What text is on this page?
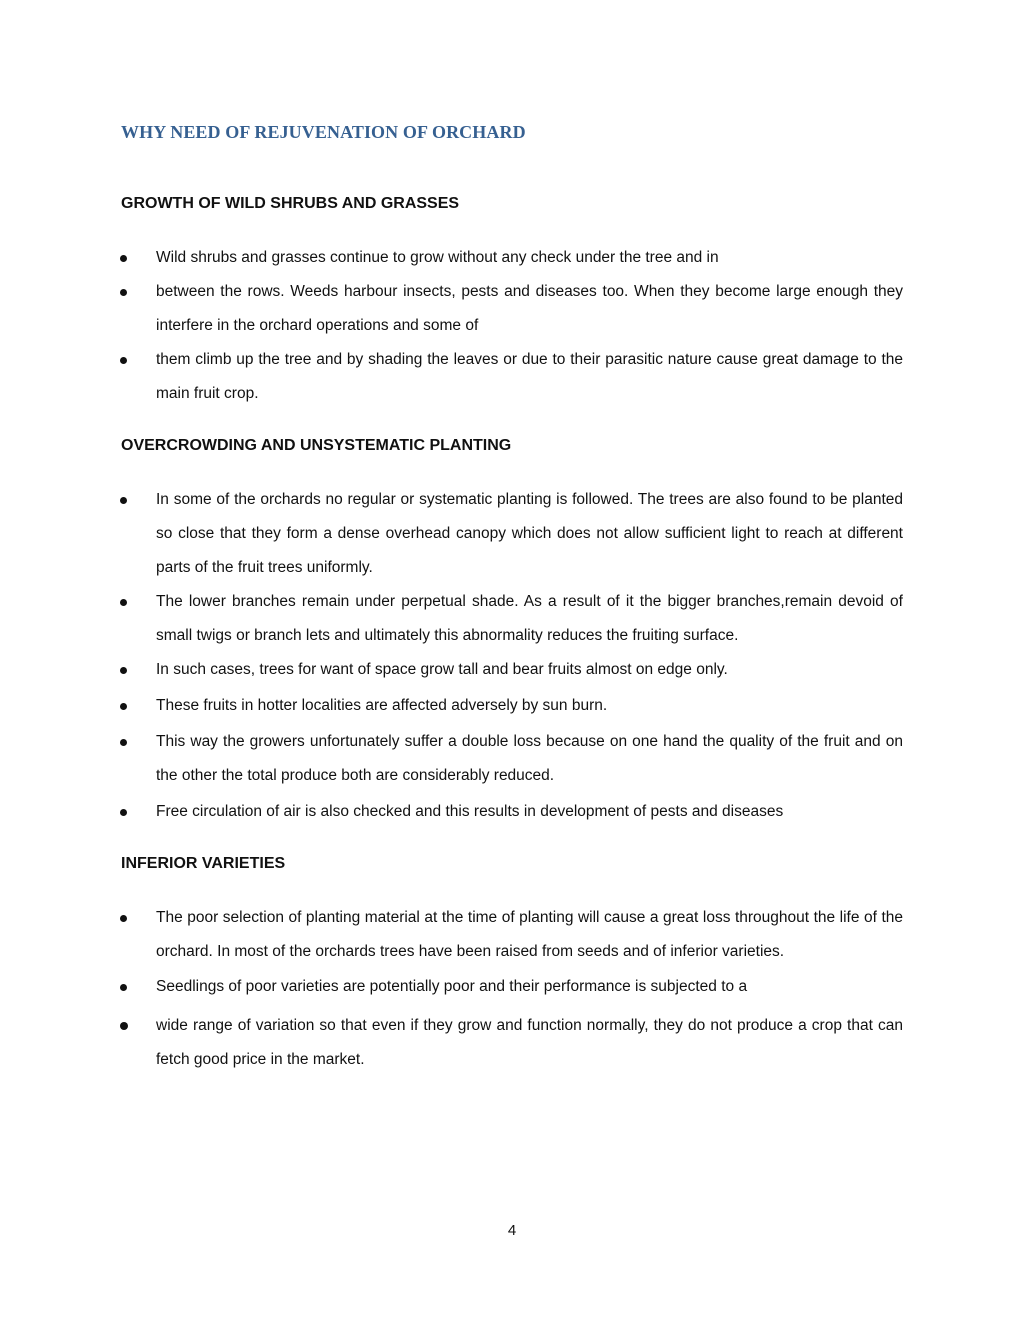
WHY NEED OF REJUVENATION OF ORCHARD
GROWTH OF WILD SHRUBS AND GRASSES
Wild shrubs and grasses continue to grow without any check under the tree and in
between the rows. Weeds harbour insects, pests and diseases too. When they become large enough they interfere in the orchard operations and some of
them climb up the tree and by shading the leaves or due to their parasitic nature cause great damage to the main fruit crop.
OVERCROWDING AND UNSYSTEMATIC PLANTING
In some of the orchards no regular or systematic planting is followed. The trees are also found to be planted so close that they form a dense overhead canopy which does not allow sufficient light to reach at different parts of the fruit trees uniformly.
The lower branches remain under perpetual shade. As a result of it the bigger branches,remain devoid of small twigs or branch lets and ultimately this abnormality reduces the fruiting surface.
In such cases, trees for want of space grow tall and bear fruits almost on edge only.
These fruits in hotter localities are affected adversely by sun burn.
This way the growers unfortunately suffer a double loss because on one hand the quality of the fruit and on the other the total produce both are considerably reduced.
Free circulation of air is also checked and this results in development of pests and diseases
INFERIOR VARIETIES
The poor selection of planting material at the time of planting will cause a great loss throughout the life of the orchard. In most of the orchards trees have been raised from seeds and of inferior varieties.
Seedlings of poor varieties are potentially poor and their performance is subjected to a
wide range of variation so that even if they grow and function normally, they do not produce a crop that can fetch good price in the market.
4
